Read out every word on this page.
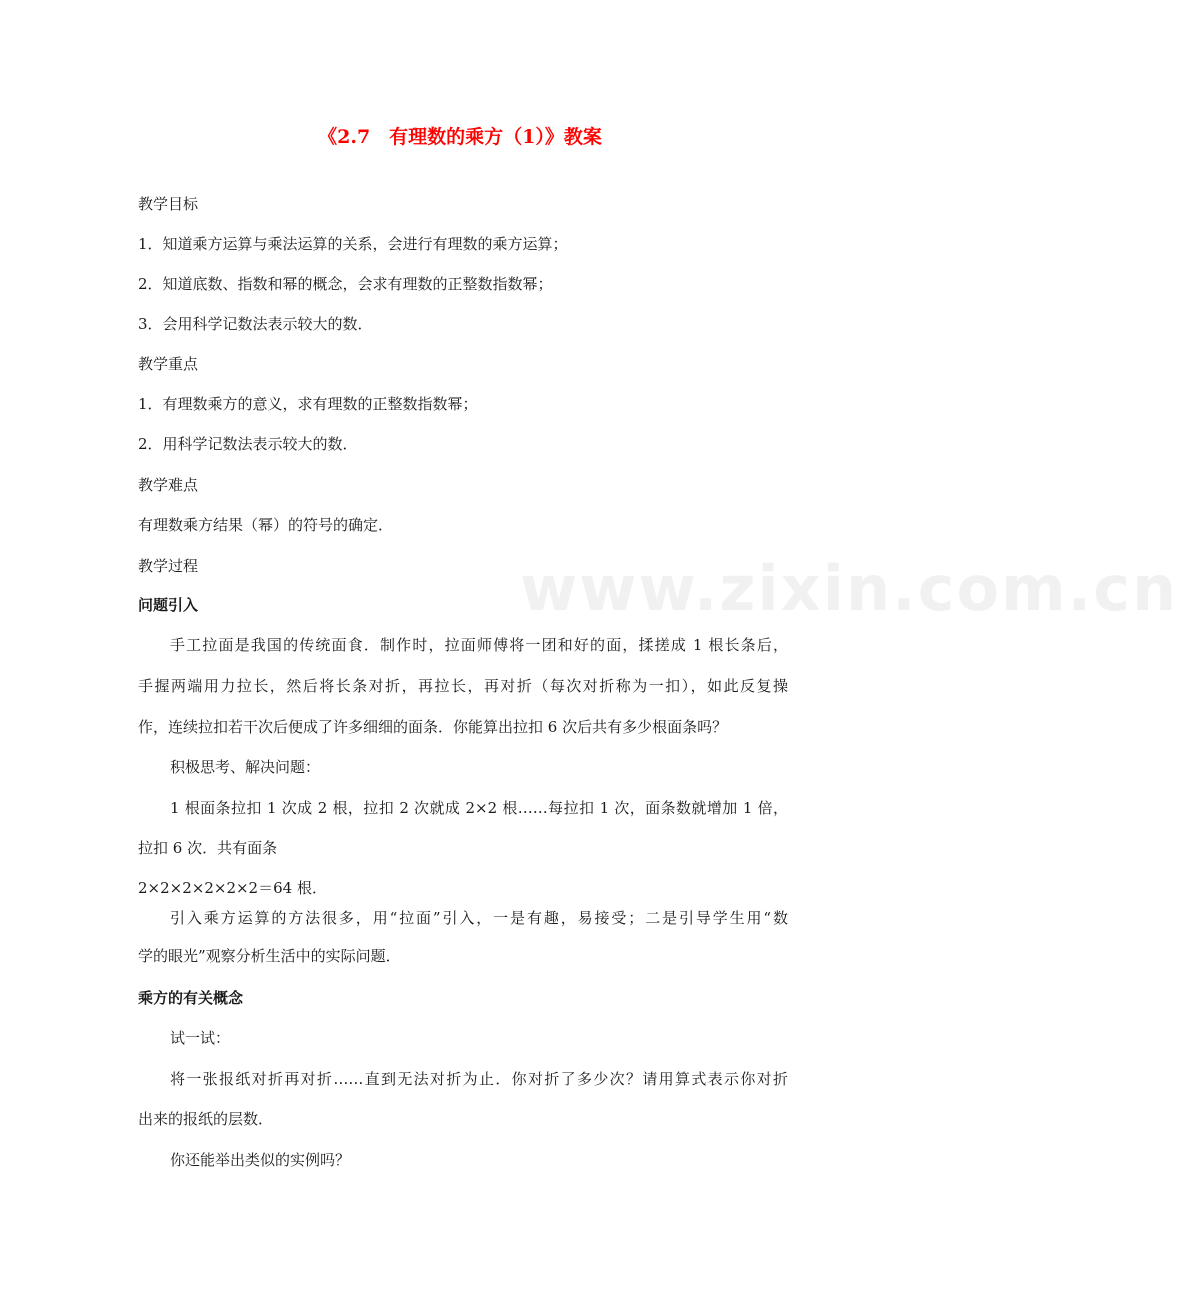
www.zixin.com.cn
《2.7　有理数的乘方（1）》教案
教学目标
1．知道乘方运算与乘法运算的关系，会进行有理数的乘方运算；
2．知道底数、指数和幂的概念，会求有理数的正整数指数幂；
3．会用科学记数法表示较大的数．
教学重点
1．有理数乘方的意义，求有理数的正整数指数幂；
2．用科学记数法表示较大的数．
教学难点
有理数乘方结果（幂）的符号的确定．
教学过程
问题引入
手工拉面是我国的传统面食．制作时，拉面师傅将一团和好的面，揉搓成 1 根长条后，
手握两端用力拉长，然后将长条对折，再拉长，再对折（每次对折称为一扣），如此反复操
作，连续拉扣若干次后便成了许多细细的面条．你能算出拉扣 6 次后共有多少根面条吗？
积极思考、解决问题：
1 根面条拉扣 1 次成 2 根，拉扣 2 次就成 2×2 根……每拉扣 1 次，面条数就增加 1 倍，
拉扣 6 次．共有面条
2×2×2×2×2×2＝64 根．
引入乘方运算的方法很多，用“拉面”引入，一是有趣，易接受；二是引导学生用“数
学的眼光”观察分析生活中的实际问题．
乘方的有关概念
试一试：
将一张报纸对折再对折……直到无法对折为止．你对折了多少次？请用算式表示你对折
出来的报纸的层数．
你还能举出类似的实例吗？
